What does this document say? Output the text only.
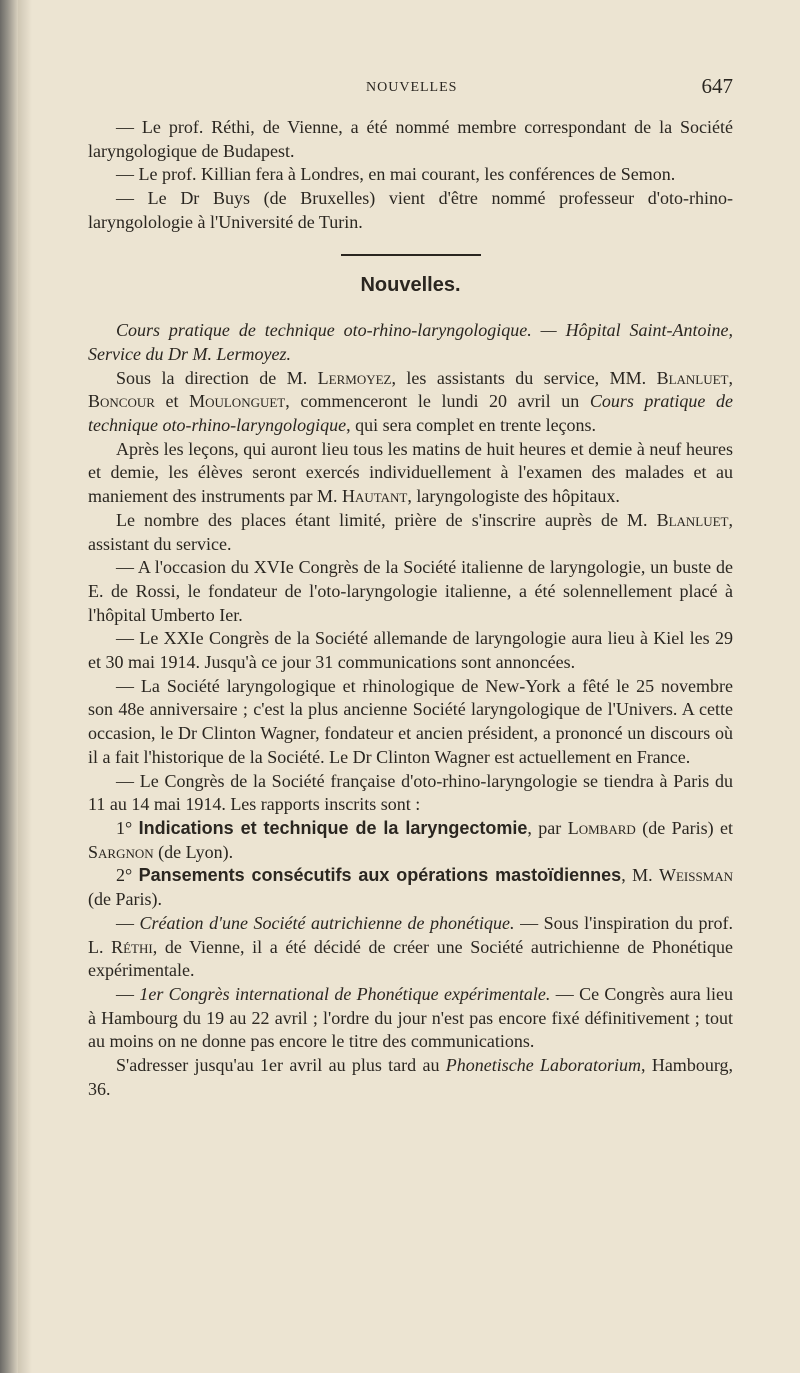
NOUVELLES	647

— Le prof. Réthi, de Vienne, a été nommé membre correspondant de la Société laryngologique de Budapest.

— Le prof. Killian fera à Londres, en mai courant, les conférences de Semon.

— Le Dr Buys (de Bruxelles) vient d'être nommé professeur d'oto-rhino-laryngolologie à l'Université de Turin.

Nouvelles.

Cours pratique de technique oto-rhino-laryngologique. — Hôpital Saint-Antoine, Service du Dr M. Lermoyez.

Sous la direction de M. Lermoyez, les assistants du service, MM. Blanluet, Boncour et Moulonguet, commenceront le lundi 20 avril un Cours pratique de technique oto-rhino-laryngologique, qui sera complet en trente leçons.

Après les leçons, qui auront lieu tous les matins de huit heures et demie à neuf heures et demie, les élèves seront exercés individuellement à l'examen des malades et au maniement des instruments par M. Hautant, laryngologiste des hôpitaux.

Le nombre des places étant limité, prière de s'inscrire auprès de M. Blanluet, assistant du service.

— A l'occasion du XVIe Congrès de la Société italienne de laryngologie, un buste de E. de Rossi, le fondateur de l'oto-laryngologie italienne, a été solennellement placé à l'hôpital Umberto Ier.

— Le XXIe Congrès de la Société allemande de laryngologie aura lieu à Kiel les 29 et 30 mai 1914. Jusqu'à ce jour 31 communications sont annoncées.

— La Société laryngologique et rhinologique de New-York a fêté le 25 novembre son 48e anniversaire ; c'est la plus ancienne Société laryngologique de l'Univers. A cette occasion, le Dr Clinton Wagner, fondateur et ancien président, a prononcé un discours où il a fait l'historique de la Société. Le Dr Clinton Wagner est actuellement en France.

— Le Congrès de la Société française d'oto-rhino-laryngologie se tiendra à Paris du 11 au 14 mai 1914. Les rapports inscrits sont :

1° Indications et technique de la laryngectomie, par Lombard (de Paris) et Sargnon (de Lyon).

2° Pansements consécutifs aux opérations mastoïdiennes, M. Weissman (de Paris).

— Création d'une Société autrichienne de phonétique. — Sous l'inspiration du prof. L. Réthi, de Vienne, il a été décidé de créer une Société autrichienne de Phonétique expérimentale.

— 1er Congrès international de Phonétique expérimentale. — Ce Congrès aura lieu à Hambourg du 19 au 22 avril ; l'ordre du jour n'est pas encore fixé définitivement ; tout au moins on ne donne pas encore le titre des communications.

S'adresser jusqu'au 1er avril au plus tard au Phonetische Laboratorium, Hambourg, 36.
